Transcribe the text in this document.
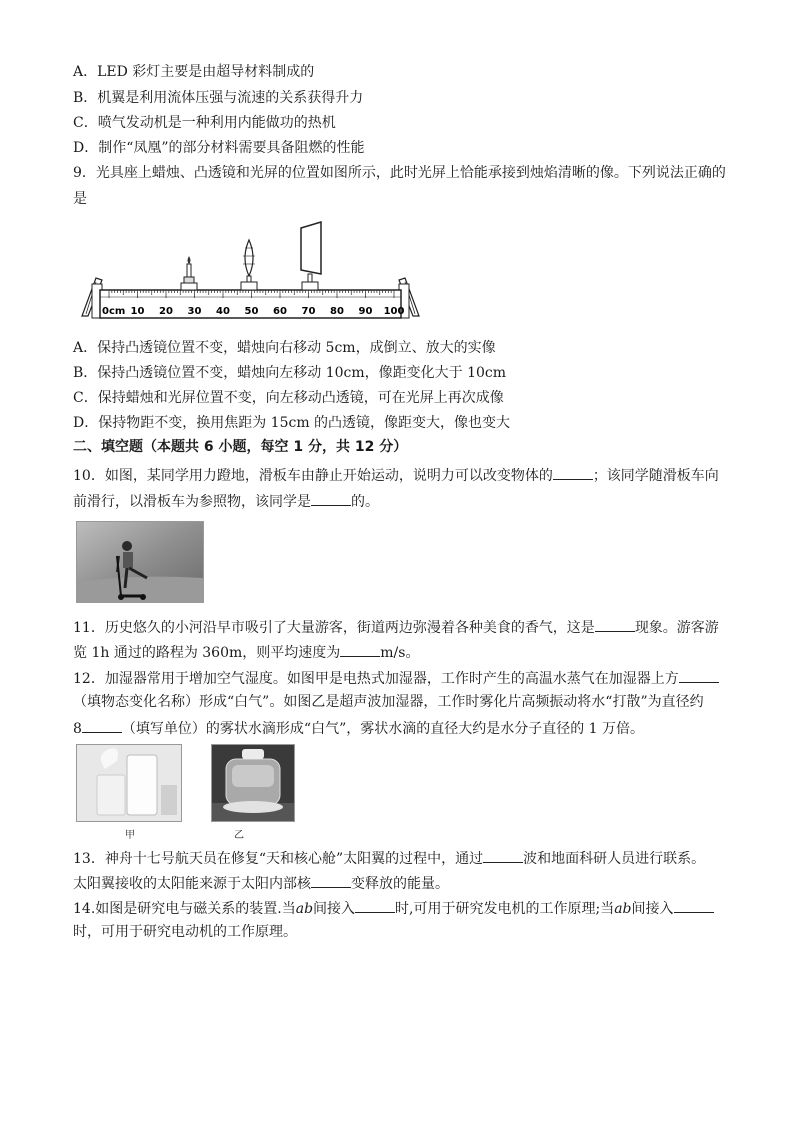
A．LED 彩灯主要是由超导材料制成的
B．机翼是利用流体压强与流速的关系获得升力
C．喷气发动机是一种利用内能做功的热机
D．制作“凤凰”的部分材料需要具备阻燃的性能
9．光具座上蜡烛、凸透镜和光屏的位置如图所示，此时光屏上恰能承接到烛焰清晰的像。下列说法正确的
是
0cm 10 20 30 40 50 60 70 80 90 100
A．保持凸透镜位置不变，蜡烛向右移动 5cm，成倒立、放大的实像
B．保持凸透镜位置不变，蜡烛向左移动 10cm，像距变化大于 10cm
C．保持蜡烛和光屏位置不变，向左移动凸透镜，可在光屏上再次成像
D．保持物距不变，换用焦距为 15cm 的凸透镜，像距变大，像也变大
二、填空题（本题共 6 小题，每空 1 分，共 12 分）
10．如图，某同学用力蹬地，滑板车由静止开始运动，说明力可以改变物体的	；该同学随滑板车向
前滑行，以滑板车为参照物，该同学是	的。
11．历史悠久的小河沿早市吸引了大量游客，街道两边弥漫着各种美食的香气，这是	现象。游客游
览 1h 通过的路程为 360m，则平均速度为	m/s。
12．加湿器常用于增加空气湿度。如图甲是电热式加湿器，工作时产生的高温水蒸气在加湿器上方
（填物态变化名称）形成“白气”。如图乙是超声波加湿器，工作时雾化片高频振动将水“打散”为直径约
8	（填写单位）的雾状水滴形成“白气”，雾状水滴的直径大约是水分子直径的 1 万倍。
甲	乙
13．神舟十七号航天员在修复“天和核心舱”太阳翼的过程中，通过	波和地面科研人员进行联系。
太阳翼接收的太阳能来源于太阳内部核	变释放的能量。
14.如图是研究电与磁关系的装置.当ab间接入	时,可用于研究发电机的工作原理;当ab间接入
时，可用于研究电动机的工作原理。
